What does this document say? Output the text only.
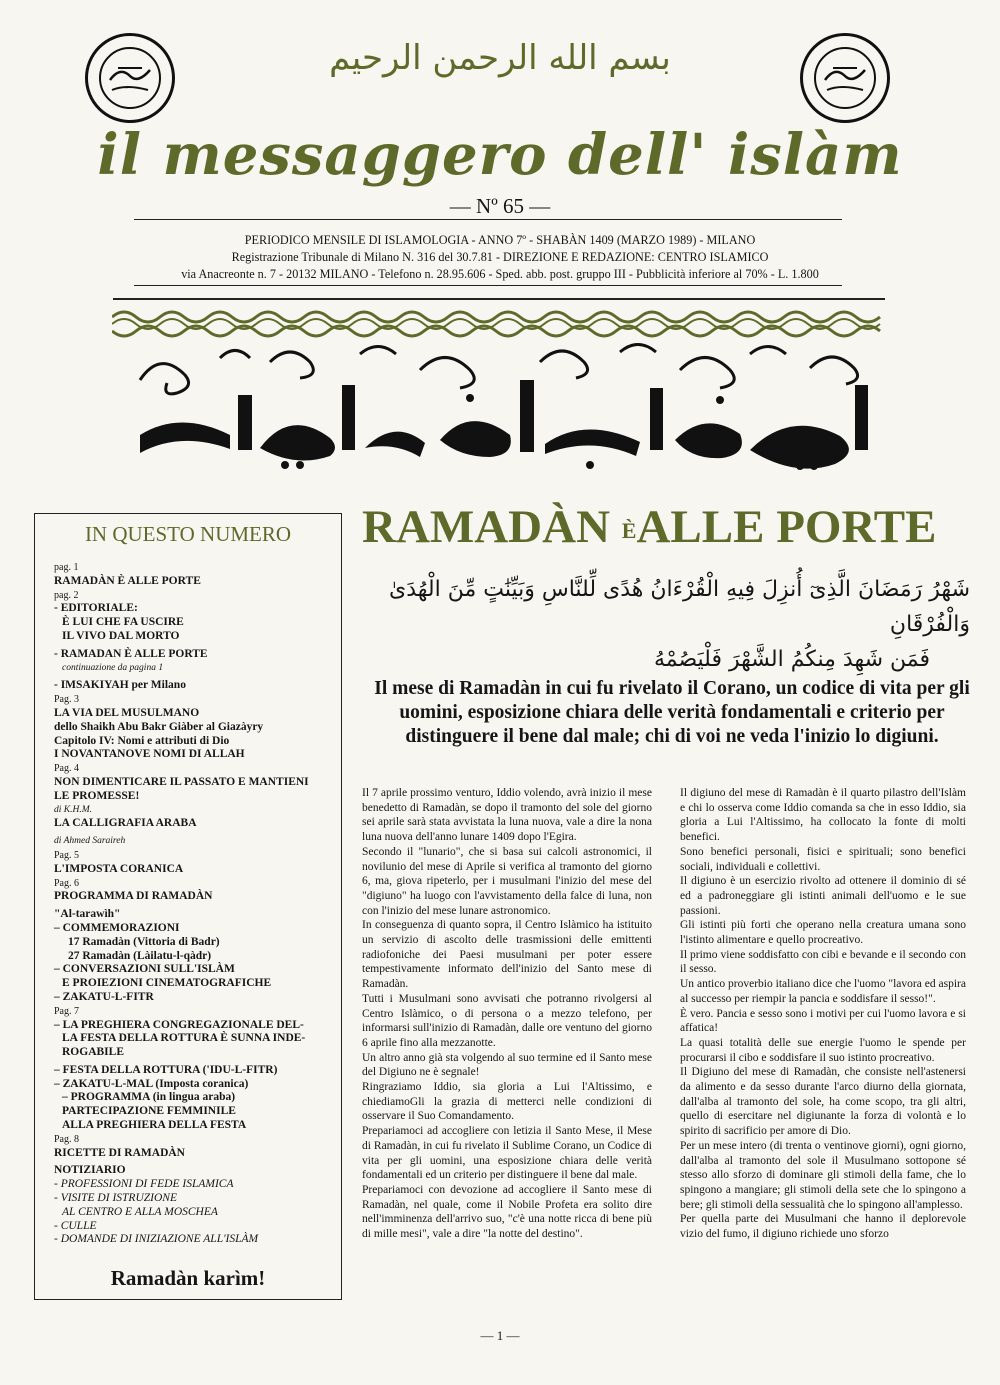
بسم الله الرحمن الرحيم
il messaggero dell' islàm
— Nº 65 —
PERIODICO MENSILE DI ISLAMOLOGIA - ANNO 7º - SHABÀN 1409 (MARZO 1989) - MILANO
Registrazione Tribunale di Milano N. 316 del 30.7.81 - DIREZIONE E REDAZIONE: CENTRO ISLAMICO
via Anacreonte n. 7 - 20132 MILANO - Telefono n. 28.95.606 - Sped. abb. post. gruppo III - Pubblicità inferiore al 70% - L. 1.800
IN QUESTO NUMERO
pag. 1
RAMADÀN È ALLE PORTE
pag. 2
- EDITORIALE:
È LUI CHE FA USCIRE
IL VIVO DAL MORTO
- RAMADAN È ALLE PORTE
continuazione da pagina 1
- IMSAKIYAH per Milano
Pag. 3
LA VIA DEL MUSULMANO
dello Shaikh Abu Bakr Giàber al Giazàyry
Capitolo IV: Nomi e attributi di Dio
I NOVANTANOVE NOMI DI ALLAH
Pag. 4
NON DIMENTICARE IL PASSATO E MANTIENI
LE PROMESSE!
di K.H.M.
LA CALLIGRAFIA ARABA
di Ahmed Saraireh
Pag. 5
L'IMPOSTA CORANICA
Pag. 6
PROGRAMMA DI RAMADÀN
"Al-tarawìh"
– COMMEMORAZIONI
17 Ramadàn (Vittoria di Badr)
27 Ramadàn (Làilatu-l-qàdr)
– CONVERSAZIONI SULL'ISLÀM
E PROIEZIONI CINEMATOGRAFICHE
– ZAKATU-L-FITR
Pag. 7
– LA PREGHIERA CONGREGAZIONALE DEL-
LA FESTA DELLA ROTTURA È SUNNA INDE-
ROGABILE
– FESTA DELLA ROTTURA ('IDU-L-FITR)
– ZAKATU-L-MAL (Imposta coranica)
– PROGRAMMA (in lingua araba)
PARTECIPAZIONE FEMMINILE
ALLA PREGHIERA DELLA FESTA
Pag. 8
RICETTE DI RAMADÀN
NOTIZIARIO
- PROFESSIONI DI FEDE ISLAMICA
- VISITE DI ISTRUZIONE
AL CENTRO E ALLA MOSCHEA
- CULLE
- DOMANDE DI INIZIAZIONE ALL'ISLÀM
Ramadàn karìm!
RAMADÀN ÈALLE PORTE
شَهْرُ رَمَضَانَ الَّذِىٓ أُنزِلَ فِيهِ الْقُرْءَانُ هُدًى لِّلنَّاسِ وَبَيِّنَٰتٍ مِّنَ الْهُدَىٰ وَالْفُرْقَانِ
فَمَن شَهِدَ مِنكُمُ الشَّهْرَ فَلْيَصُمْهُ
Il mese di Ramadàn in cui fu rivelato il Corano, un codice di vita per gli uomini, esposizione chiara delle verità fondamentali e criterio per distinguere il bene dal male; chi di voi ne veda l'inizio lo digiuni.

Il 7 aprile prossimo venturo, Iddio volendo, avrà inizio il mese benedetto di Ramadàn, se dopo il tramonto del sole del giorno sei aprile sarà stata avvistata la luna nuova, vale a dire la nona luna nuova dell'anno lunare 1409 dopo l'Egira.

Secondo il "lunario", che si basa sui calcoli astronomici, il novilunio del mese di Aprile si verifica al tramonto del giorno 6, ma, giova ripeterlo, per i musulmani l'inizio del mese del "digiuno" ha luogo con l'avvistamento della falce di luna, non con l'inizio del mese lunare astronomico.

In conseguenza di quanto sopra, il Centro Islàmico ha istituito un servizio di ascolto delle trasmissioni delle emittenti radiofoniche dei Paesi musulmani per poter essere tempestivamente informato dell'inizio del Santo mese di Ramadàn.

Tutti i Musulmani sono avvisati che potranno rivolgersi al Centro Islàmico, o di persona o a mezzo telefono, per informarsi sull'inizio di Ramadàn, dalle ore ventuno del giorno 6 aprile fino alla mezzanotte.

Un altro anno già sta volgendo al suo termine ed il Santo mese del Digiuno ne è segnale!

Ringraziamo Iddio, sia gloria a Lui l'Altissimo, e chiediamoGli la grazia di metterci nelle condizioni di osservare il Suo Comandamento.

Prepariamoci ad accogliere con letizia il Santo Mese, il Mese di Ramadàn, in cui fu rivelato il Sublime Corano, un Codice di vita per gli uomini, una esposizione chiara delle verità fondamentali ed un criterio per distinguere il bene dal male.

Prepariamoci con devozione ad accogliere il Santo mese di Ramadàn, nel quale, come il Nobile Profeta era solito dire nell'imminenza dell'arrivo suo, "c'è una notte ricca di bene più di mille mesi", vale a dire "la notte del destino".

Il digiuno del mese di Ramadàn è il quarto pilastro dell'Islàm e chi lo osserva come Iddio comanda sa che in esso Iddio, sia gloria a Lui l'Altissimo, ha collocato la fonte di molti benefici.

Sono benefici personali, fisici e spirituali; sono benefici sociali, individuali e collettivi.

Il digiuno è un esercizio rivolto ad ottenere il dominio di sé ed a padroneggiare gli istinti animali dell'uomo e le sue passioni.

Gli istinti più forti che operano nella creatura umana sono l'istinto alimentare e quello procreativo.

Il primo viene soddisfatto con cibi e bevande e il secondo con il sesso.

Un antico proverbio italiano dice che l'uomo "lavora ed aspira al successo per riempir la pancia e soddisfare il sesso!".

È vero. Pancia e sesso sono i motivi per cui l'uomo lavora e si affatica!

La quasi totalità delle sue energie l'uomo le spende per procurarsi il cibo e soddisfare il suo istinto procreativo.

Il Digiuno del mese di Ramadàn, che consiste nell'astenersi da alimento e da sesso durante l'arco diurno della giornata, dall'alba al tramonto del sole, ha come scopo, tra gli altri, quello di esercitare nel digiunante la forza di volontà e lo spirito di sacrificio per amore di Dio.

Per un mese intero (di trenta o ventinove giorni), ogni giorno, dall'alba al tramonto del sole il Musulmano sottopone sé stesso allo sforzo di dominare gli stimoli della fame, che lo spingono a mangiare; gli stimoli della sete che lo spingono a bere; gli stimoli della sessualità che lo spingono all'amplesso.

Per quella parte dei Musulmani che hanno il deplorevole vizio del fumo, il digiuno richiede uno sforzo

— 1 —
